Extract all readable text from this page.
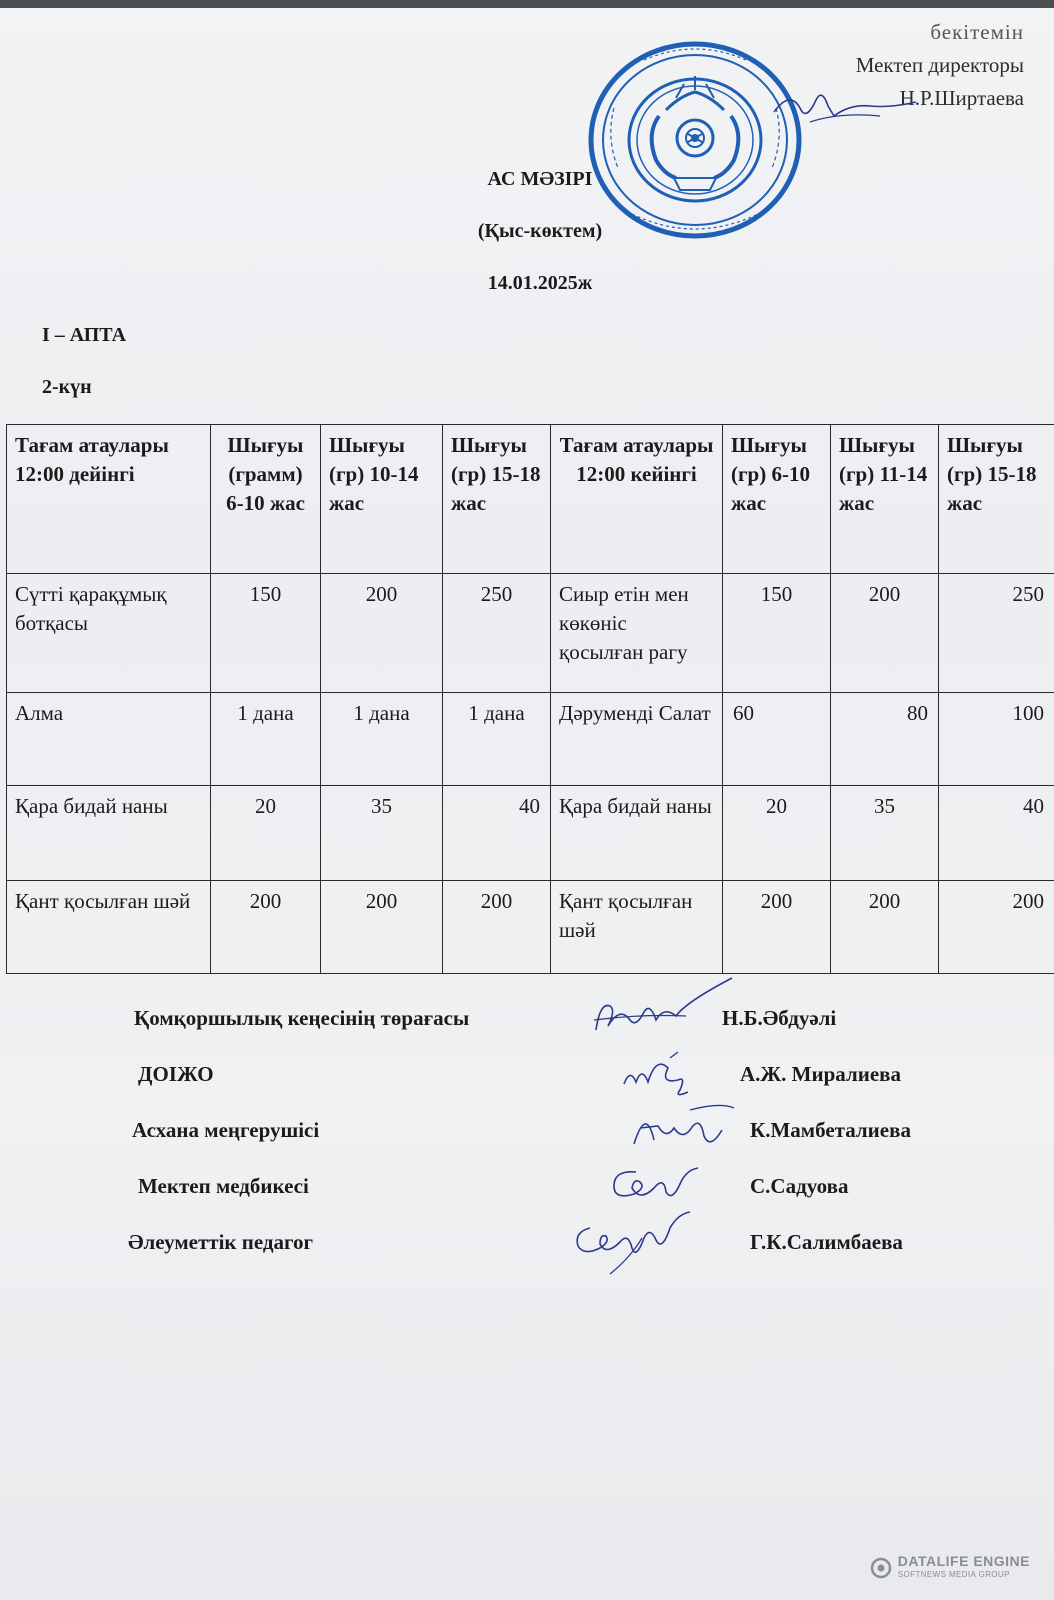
бекітемін
Мектеп директоры
Н.Р.Ширтаева
АС МӘЗІРІ
(Қыс-көктем)
14.01.2025ж
І – АПТА
2-күн
Тағам атаулары 12:00 дейінгі	Шығуы (грамм) 6-10 жас	Шығуы (гр) 10-14 жас	Шығуы (гр) 15-18 жас	Тағам атаулары 12:00 кейінгі	Шығуы (гр) 6-10 жас	Шығуы (гр) 11-14 жас	Шығуы (гр) 15-18 жас
Сүтті қарақұмық ботқасы	150	200	250	Сиыр етін мен көкөніс қосылған рагу	150	200	250
Алма	1 дана	1 дана	1 дана	Дәруменді Салат	60	80	100
Қара бидай наны	20	35	40	Қара бидай наны	20	35	40
Қант қосылған шәй	200	200	200	Қант қосылған шәй	200	200	200
Қомқоршылық кеңесінің төрағасы	Н.Б.Әбдуәлі
ДОІЖО	А.Ж. Миралиева
Асхана меңгерушісі	К.Мамбеталиева
Мектеп медбикесі	С.Садуова
Әлеуметтік педагог	Г.К.Салимбаева
DATALIFE ENGINE
SOFTNEWS MEDIA GROUP
